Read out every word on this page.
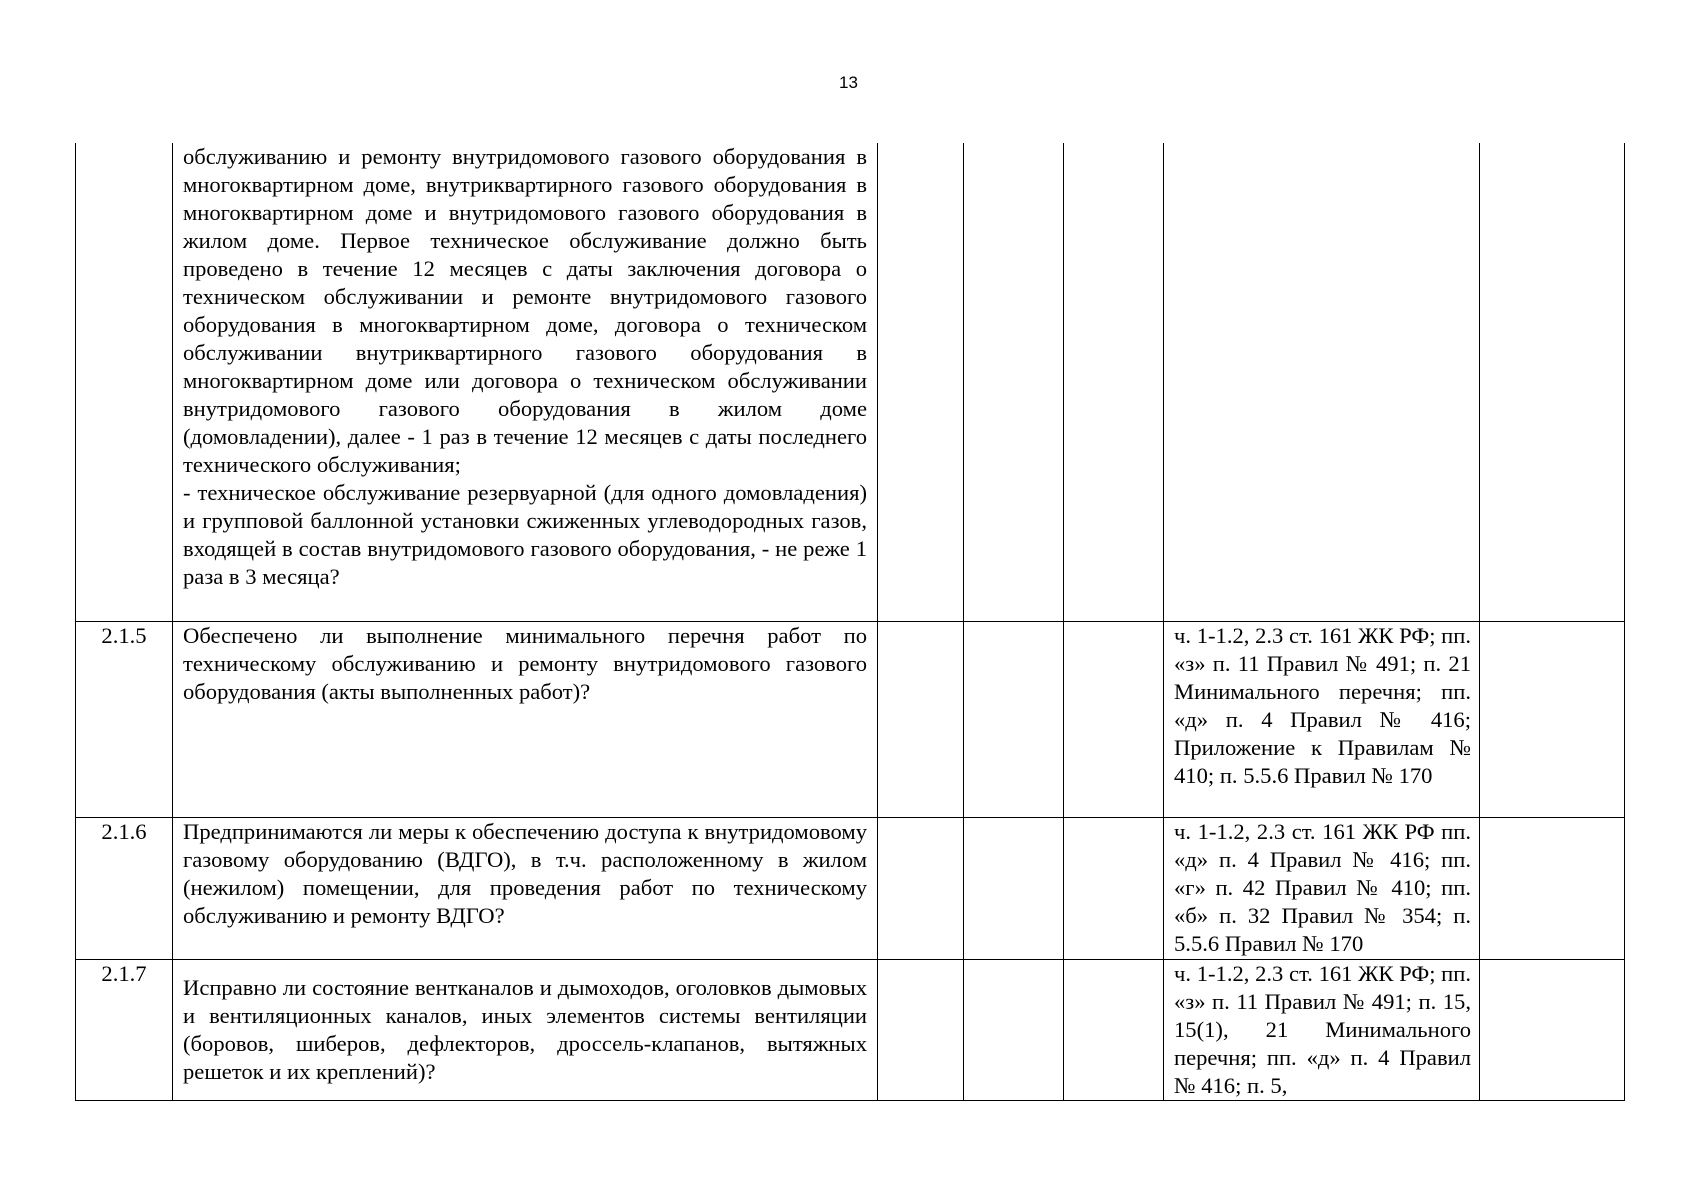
13

	обслуживанию и ремонту внутридомового газового оборудования в многоквартирном доме, внутриквартирного газового оборудования в многоквартирном доме и внутридомового газового оборудования в жилом доме. Первое техническое обслуживание должно быть проведено в течение 12 месяцев с даты заключения договора о техническом обслуживании и ремонте внутридомового газового оборудования в многоквартирном доме, договора о техническом обслуживании внутриквартирного газового оборудования в многоквартирном доме или договора о техническом обслуживании внутридомового газового оборудования в жилом доме (домовладении), далее - 1 раз в течение 12 месяцев с даты последнего технического обслуживания;
- техническое обслуживание резервуарной (для одного домовладения) и групповой баллонной установки сжиженных углеводородных газов, входящей в состав внутридомового газового оборудования, - не реже 1 раза в 3 месяца?					

2.1.5	Обеспечено ли выполнение минимального перечня работ по техническому обслуживанию и ремонту внутридомового газового оборудования (акты выполненных работ)?				ч. 1-1.2, 2.3 ст. 161 ЖК РФ; пп. «з» п. 11 Правил № 491; п. 21 Минимального перечня; пп. «д» п. 4 Правил № 416; Приложение к Правилам № 410; п. 5.5.6 Правил № 170	
2.1.6	Предпринимаются ли меры к обеспечению доступа к внутридомовому газовому оборудованию (ВДГО), в т.ч. расположенному в жилом (нежилом) помещении, для проведения работ по техническому обслуживанию и ремонту ВДГО?				ч. 1-1.2, 2.3 ст. 161 ЖК РФ пп. «д» п. 4 Правил № 416; пп. «г» п. 42 Правил № 410; пп. «б» п. 32 Правил № 354; п. 5.5.6 Правил № 170	
2.1.7	Исправно ли состояние вентканалов и дымоходов, оголовков дымовых и вентиляционных каналов, иных элементов системы вентиляции (боровов, шиберов, дефлекторов, дроссель-клапанов, вытяжных решеток и их креплений)?				ч. 1-1.2, 2.3 ст. 161 ЖК РФ; пп. «з» п. 11 Правил № 491; п. 15, 15(1), 21 Минимального перечня; пп. «д» п. 4 Правил № 416; п. 5,	
